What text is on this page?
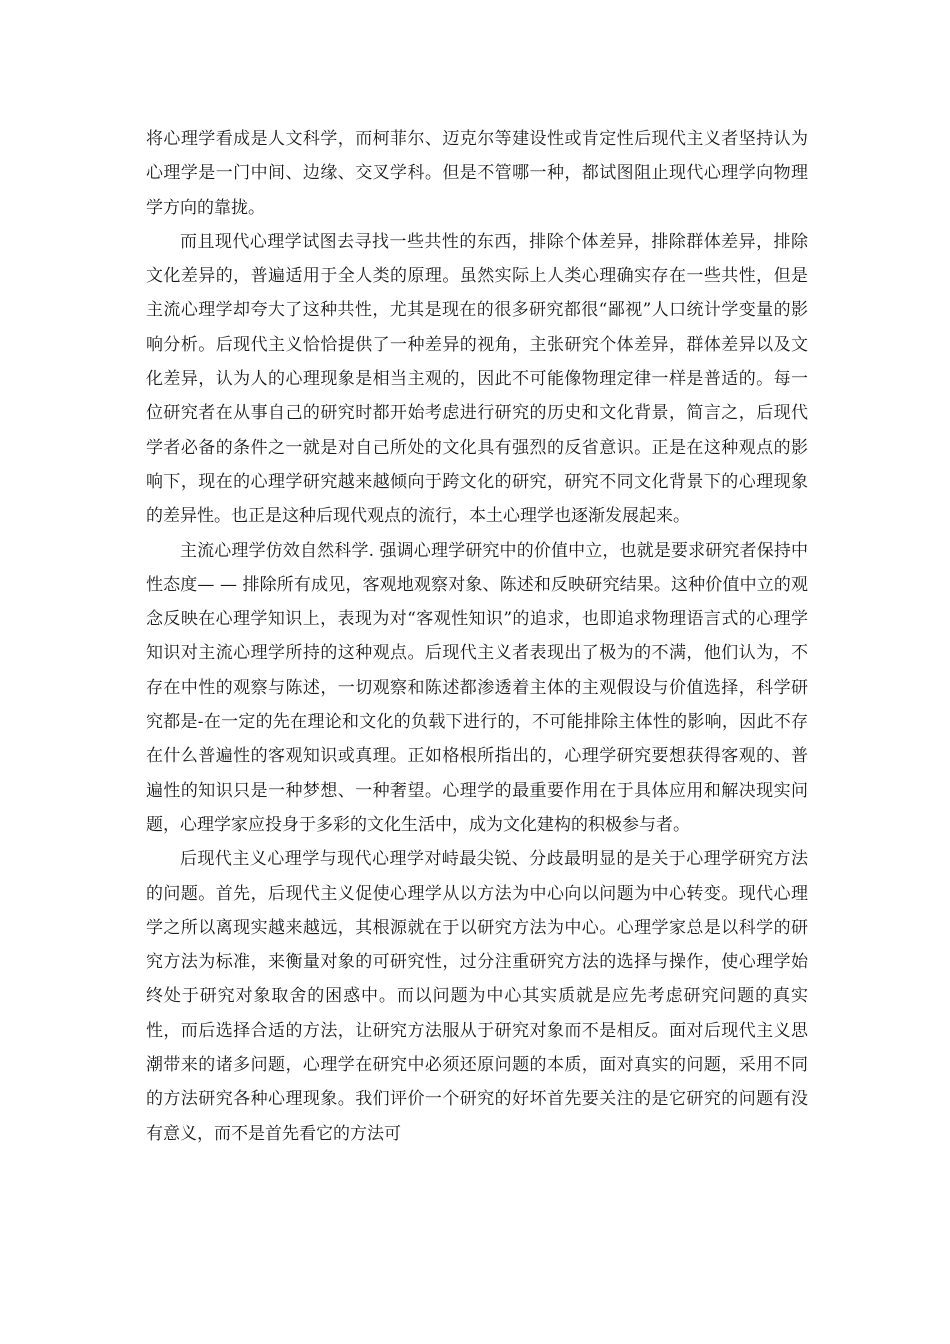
将心理学看成是人文科学，而柯菲尔、迈克尔等建设性或肯定性后现代主义者坚持认为心理学是一门中间、边缘、交叉学科。但是不管哪一种，都试图阻止现代心理学向物理学方向的靠拢。

而且现代心理学试图去寻找一些共性的东西，排除个体差异，排除群体差异，排除文化差异的，普遍适用于全人类的原理。虽然实际上人类心理确实存在一些共性，但是主流心理学却夸大了这种共性，尤其是现在的很多研究都很“鄙视”人口统计学变量的影响分析。后现代主义恰恰提供了一种差异的视角，主张研究个体差异，群体差异以及文化差异，认为人的心理现象是相当主观的，因此不可能像物理定律一样是普适的。每一位研究者在从事自己的研究时都开始考虑进行研究的历史和文化背景，简言之，后现代学者必备的条件之一就是对自己所处的文化具有强烈的反省意识。正是在这种观点的影响下，现在的心理学研究越来越倾向于跨文化的研究，研究不同文化背景下的心理现象的差异性。也正是这种后现代观点的流行，本土心理学也逐渐发展起来。

主流心理学仿效自然科学. 强调心理学研究中的价值中立，也就是要求研究者保持中性态度— — 排除所有成见，客观地观察对象、陈述和反映研究结果。这种价值中立的观念反映在心理学知识上，表现为对“客观性知识”的追求，也即追求物理语言式的心理学知识对主流心理学所持的这种观点。后现代主义者表现出了极为的不满，他们认为，不存在中性的观察与陈述，一切观察和陈述都渗透着主体的主观假设与价值选择，科学研究都是-在一定的先在理论和文化的负载下进行的，不可能排除主体性的影响，因此不存在什么普遍性的客观知识或真理。正如格根所指出的，心理学研究要想获得客观的、普遍性的知识只是一种梦想、一种奢望。心理学的最重要作用在于具体应用和解决现实问题，心理学家应投身于多彩的文化生活中，成为文化建构的积极参与者。

后现代主义心理学与现代心理学对峙最尖锐、分歧最明显的是关于心理学研究方法的问题。首先，后现代主义促使心理学从以方法为中心向以问题为中心转变。现代心理学之所以离现实越来越远，其根源就在于以研究方法为中心。心理学家总是以科学的研究方法为标准，来衡量对象的可研究性，过分注重研究方法的选择与操作，使心理学始终处于研究对象取舍的困惑中。而以问题为中心其实质就是应先考虑研究问题的真实性，而后选择合适的方法，让研究方法服从于研究对象而不是相反。面对后现代主义思潮带来的诸多问题，心理学在研究中必须还原问题的本质，面对真实的问题，采用不同的方法研究各种心理现象。我们评价一个研究的好坏首先要关注的是它研究的问题有没有意义，而不是首先看它的方法可
